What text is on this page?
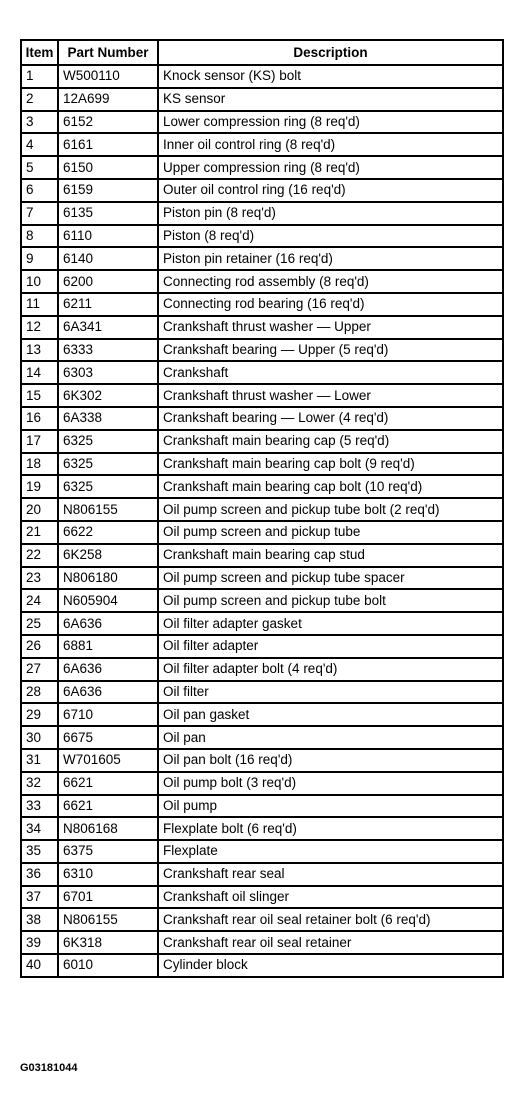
Item	Part Number	Description
1	W500110	Knock sensor (KS) bolt
2	12A699	KS sensor
3	6152	Lower compression ring (8 req'd)
4	6161	Inner oil control ring (8 req'd)
5	6150	Upper compression ring (8 req'd)
6	6159	Outer oil control ring (16 req'd)
7	6135	Piston pin (8 req'd)
8	6110	Piston (8 req'd)
9	6140	Piston pin retainer (16 req'd)
10	6200	Connecting rod assembly (8 req'd)
11	6211	Connecting rod bearing (16 req'd)
12	6A341	Crankshaft thrust washer — Upper
13	6333	Crankshaft bearing — Upper (5 req'd)
14	6303	Crankshaft
15	6K302	Crankshaft thrust washer — Lower
16	6A338	Crankshaft bearing — Lower (4 req'd)
17	6325	Crankshaft main bearing cap (5 req'd)
18	6325	Crankshaft main bearing cap bolt (9 req'd)
19	6325	Crankshaft main bearing cap bolt (10 req'd)
20	N806155	Oil pump screen and pickup tube bolt (2 req'd)
21	6622	Oil pump screen and pickup tube
22	6K258	Crankshaft main bearing cap stud
23	N806180	Oil pump screen and pickup tube spacer
24	N605904	Oil pump screen and pickup tube bolt
25	6A636	Oil filter adapter gasket
26	6881	Oil filter adapter
27	6A636	Oil filter adapter bolt (4 req'd)
28	6A636	Oil filter
29	6710	Oil pan gasket
30	6675	Oil pan
31	W701605	Oil pan bolt (16 req'd)
32	6621	Oil pump bolt (3 req'd)
33	6621	Oil pump
34	N806168	Flexplate bolt (6 req'd)
35	6375	Flexplate
36	6310	Crankshaft rear seal
37	6701	Crankshaft oil slinger
38	N806155	Crankshaft rear oil seal retainer bolt (6 req'd)
39	6K318	Crankshaft rear oil seal retainer
40	6010	Cylinder block
G03181044
